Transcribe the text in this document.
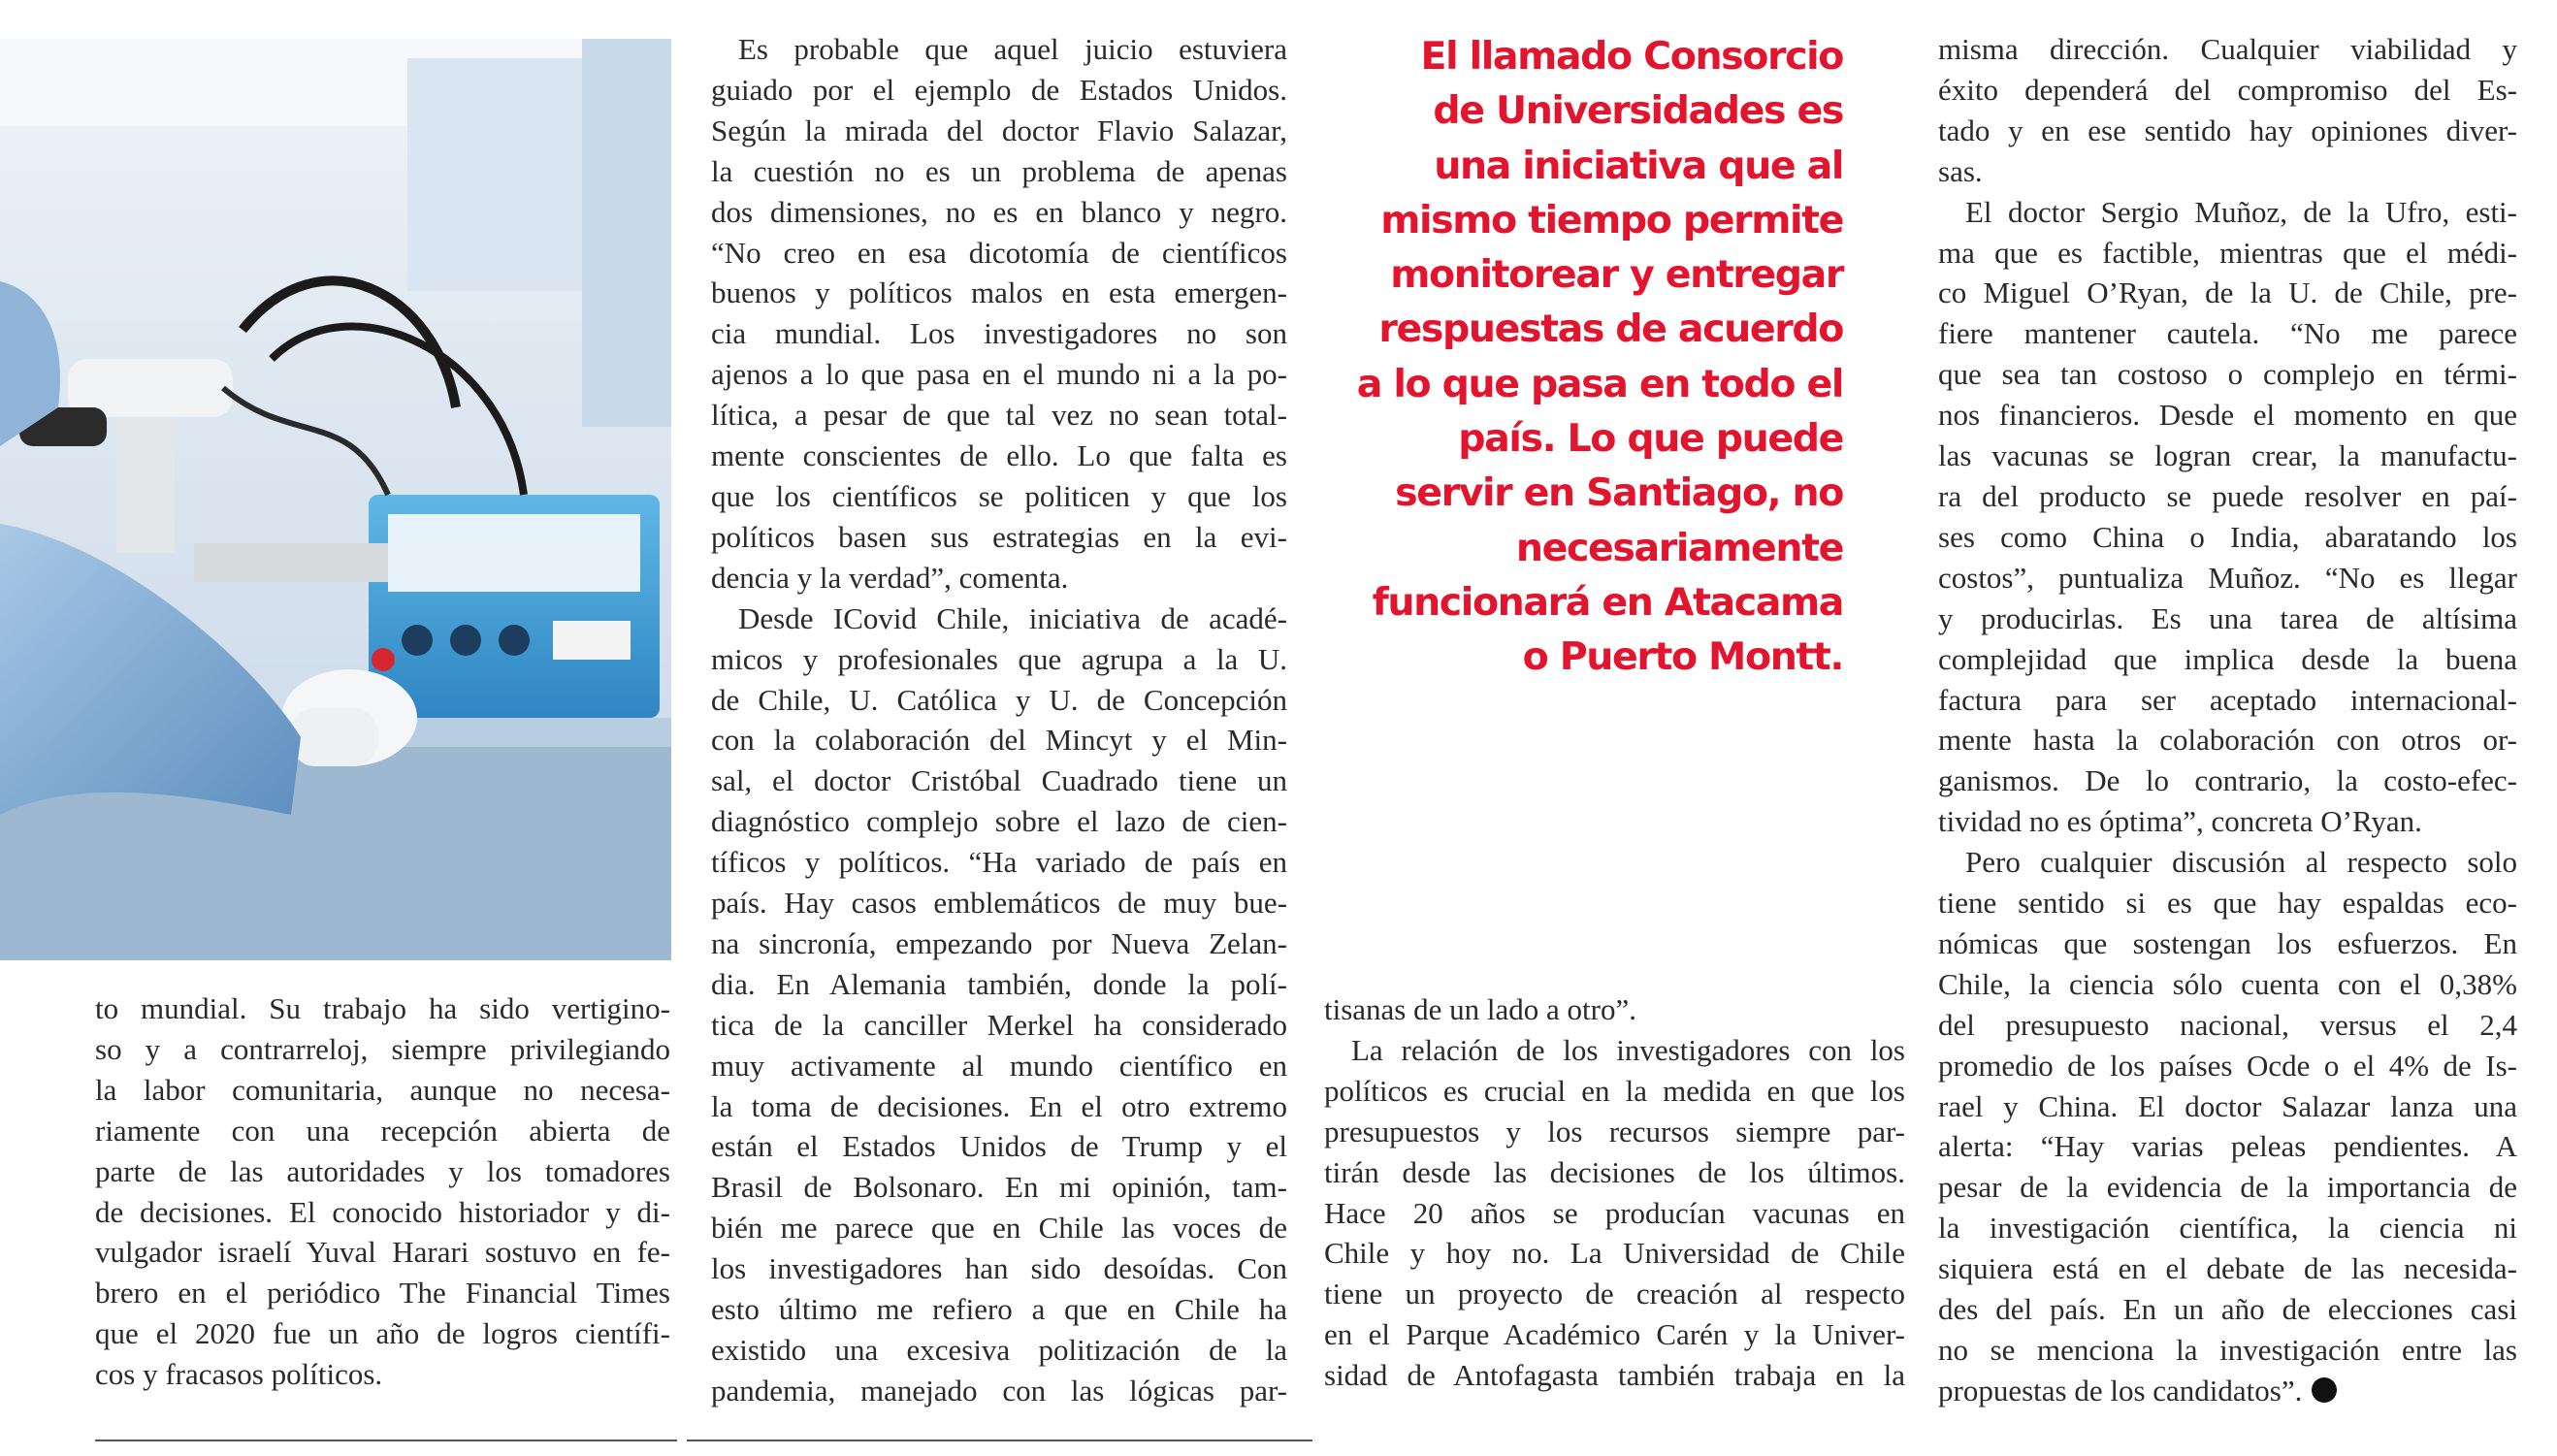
to mundial. Su trabajo ha sido vertigino-
so y a contrarreloj, siempre privilegiando
la labor comunitaria, aunque no necesa-
riamente con una recepción abierta de
parte de las autoridades y los tomadores
de decisiones. El conocido historiador y di-
vulgador israelí Yuval Harari sostuvo en fe-
brero en el periódico The Financial Times
que el 2020 fue un año de logros científi-
cos y fracasos políticos.
Es probable que aquel juicio estuviera
guiado por el ejemplo de Estados Unidos.
Según la mirada del doctor Flavio Salazar,
la cuestión no es un problema de apenas
dos dimensiones, no es en blanco y negro.
“No creo en esa dicotomía de científicos
buenos y políticos malos en esta emergen-
cia mundial. Los investigadores no son
ajenos a lo que pasa en el mundo ni a la po-
lítica, a pesar de que tal vez no sean total-
mente conscientes de ello. Lo que falta es
que los científicos se politicen y que los
políticos basen sus estrategias en la evi-
dencia y la verdad”, comenta.
Desde ICovid Chile, iniciativa de acadé-
micos y profesionales que agrupa a la U.
de Chile, U. Católica y U. de Concepción
con la colaboración del Mincyt y el Min-
sal, el doctor Cristóbal Cuadrado tiene un
diagnóstico complejo sobre el lazo de cien-
tíficos y políticos. “Ha variado de país en
país. Hay casos emblemáticos de muy bue-
na sincronía, empezando por Nueva Zelan-
dia. En Alemania también, donde la polí-
tica de la canciller Merkel ha considerado
muy activamente al mundo científico en
la toma de decisiones. En el otro extremo
están el Estados Unidos de Trump y el
Brasil de Bolsonaro. En mi opinión, tam-
bién me parece que en Chile las voces de
los investigadores han sido desoídas. Con
esto último me refiero a que en Chile ha
existido una excesiva politización de la
pandemia, manejado con las lógicas par-
El llamado Consorcio
de Universidades es
una iniciativa que al
mismo tiempo permite
monitorear y entregar
respuestas de acuerdo
a lo que pasa en todo el
país. Lo que puede
servir en Santiago, no
necesariamente
funcionará en Atacama
o Puerto Montt.
tisanas de un lado a otro”.
La relación de los investigadores con los
políticos es crucial en la medida en que los
presupuestos y los recursos siempre par-
tirán desde las decisiones de los últimos.
Hace 20 años se producían vacunas en
Chile y hoy no. La Universidad de Chile
tiene un proyecto de creación al respecto
en el Parque Académico Carén y la Univer-
sidad de Antofagasta también trabaja en la
misma dirección. Cualquier viabilidad y
éxito dependerá del compromiso del Es-
tado y en ese sentido hay opiniones diver-
sas.
El doctor Sergio Muñoz, de la Ufro, esti-
ma que es factible, mientras que el médi-
co Miguel O’Ryan, de la U. de Chile, pre-
fiere mantener cautela. “No me parece
que sea tan costoso o complejo en térmi-
nos financieros. Desde el momento en que
las vacunas se logran crear, la manufactu-
ra del producto se puede resolver en paí-
ses como China o India, abaratando los
costos”, puntualiza Muñoz. “No es llegar
y producirlas. Es una tarea de altísima
complejidad que implica desde la buena
factura para ser aceptado internacional-
mente hasta la colaboración con otros or-
ganismos. De lo contrario, la costo-efec-
tividad no es óptima”, concreta O’Ryan.
Pero cualquier discusión al respecto solo
tiene sentido si es que hay espaldas eco-
nómicas que sostengan los esfuerzos. En
Chile, la ciencia sólo cuenta con el 0,38%
del presupuesto nacional, versus el 2,4
promedio de los países Ocde o el 4% de Is-
rael y China. El doctor Salazar lanza una
alerta: “Hay varias peleas pendientes. A
pesar de la evidencia de la importancia de
la investigación científica, la ciencia ni
siquiera está en el debate de las necesida-
des del país. En un año de elecciones casi
no se menciona la investigación entre las
propuestas de los candidatos”.
